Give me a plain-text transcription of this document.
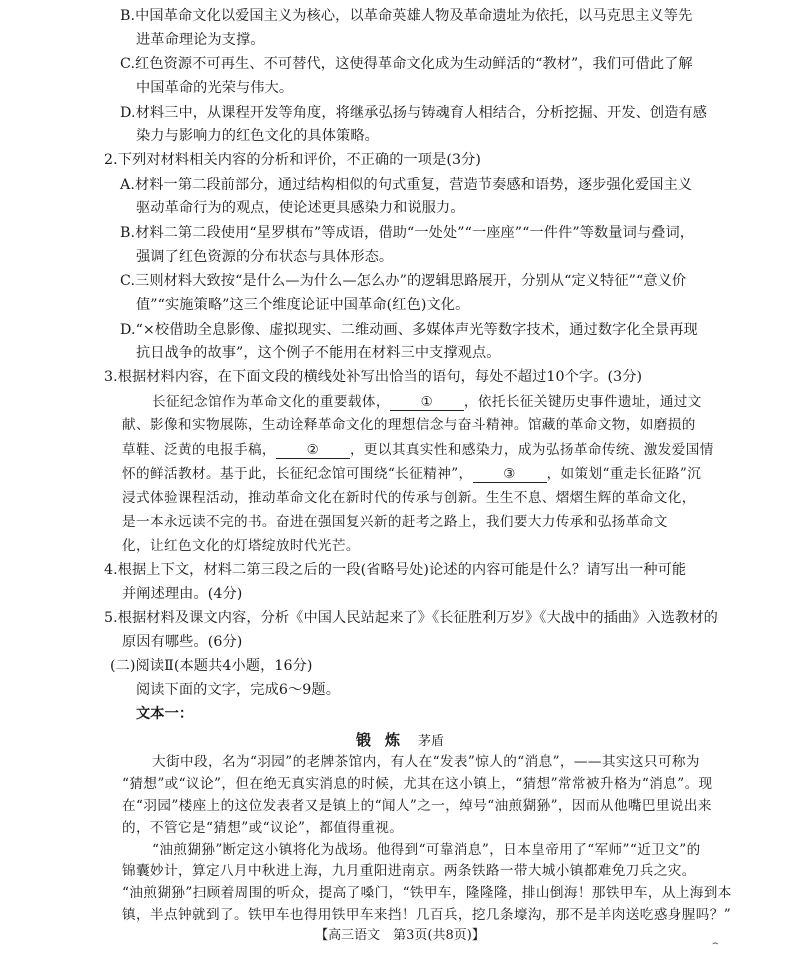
B.中国革命文化以爱国主义为核心，以革命英雄人物及革命遗址为依托，以马克思主义等先
进革命理论为支撑。
C.红色资源不可再生、不可替代，这使得革命文化成为生动鲜活的“教材”，我们可借此了解
中国革命的光荣与伟大。
D.材料三中，从课程开发等角度，将继承弘扬与铸魂育人相结合，分析挖掘、开发、创造有感
染力与影响力的红色文化的具体策略。
2.下列对材料相关内容的分析和评价，不正确的一项是(3分)
A.材料一第二段前部分，通过结构相似的句式重复，营造节奏感和语势，逐步强化爱国主义
驱动革命行为的观点，使论述更具感染力和说服力。
B.材料二第二段使用“星罗棋布”等成语，借助“一处处”“一座座”“一件件”等数量词与叠词，
强调了红色资源的分布状态与具体形态。
C.三则材料大致按“是什么—为什么—怎么办”的逻辑思路展开，分别从“定义特征”“意义价
值”“实施策略”这三个维度论证中国革命(红色)文化。
D.“×校借助全息影像、虚拟现实、二维动画、多媒体声光等数字技术，通过数字化全景再现
抗日战争的故事”，这个例子不能用在材料三中支撑观点。
3.根据材料内容，在下面文段的横线处补写出恰当的语句，每处不超过10个字。(3分)
长征纪念馆作为革命文化的重要载体， ① ，依托长征关键历史事件遗址，通过文
献、影像和实物展陈，生动诠释革命文化的理想信念与奋斗精神。馆藏的革命文物，如磨损的
草鞋、泛黄的电报手稿， ② ，更以其真实性和感染力，成为弘扬革命传统、激发爱国情
怀的鲜活教材。基于此，长征纪念馆可围绕“长征精神”， ③ ，如策划“重走长征路”沉
浸式体验课程活动，推动革命文化在新时代的传承与创新。生生不息、熠熠生辉的革命文化，
是一本永远读不完的书。奋进在强国复兴新的赶考之路上，我们要大力传承和弘扬革命文
化，让红色文化的灯塔绽放时代光芒。
4.根据上下文，材料二第三段之后的一段(省略号处)论述的内容可能是什么？请写出一种可能
并阐述理由。(4分)
5.根据材料及课文内容，分析《中国人民站起来了》《长征胜利万岁》《大战中的插曲》入选教材的
原因有哪些。(6分)
(二)阅读Ⅱ(本题共4小题，16分)
阅读下面的文字，完成6～9题。
文本一：
锻炼 茅盾
大街中段，名为“羽园”的老牌茶馆内，有人在“发表”惊人的“消息”，——其实这只可称为
“猜想”或“议论”，但在绝无真实消息的时候，尤其在这小镇上，“猜想”常常被升格为“消息”。现
在“羽园”楼座上的这位发表者又是镇上的“闻人”之一，绰号“油煎猢狲”，因而从他嘴巴里说出来
的，不管它是“猜想”或“议论”，都值得重视。
“油煎猢狲”断定这小镇将化为战场。他得到“可靠消息”，日本皇帝用了“军师”“近卫文”的
锦囊妙计，算定八月中秋进上海，九月重阳进南京。两条铁路一带大城小镇都难免刀兵之灾。
“油煎猢狲”扫顾着周围的听众，提高了嗓门，“铁甲车，隆隆隆，排山倒海！那铁甲车，从上海到本
镇，半点钟就到了。铁甲车也得用铁甲车来挡！几百兵，挖几条壕沟，那不是羊肉送吃惑身腥吗？”
【高三语文　第3页(共8页)】
⌢
